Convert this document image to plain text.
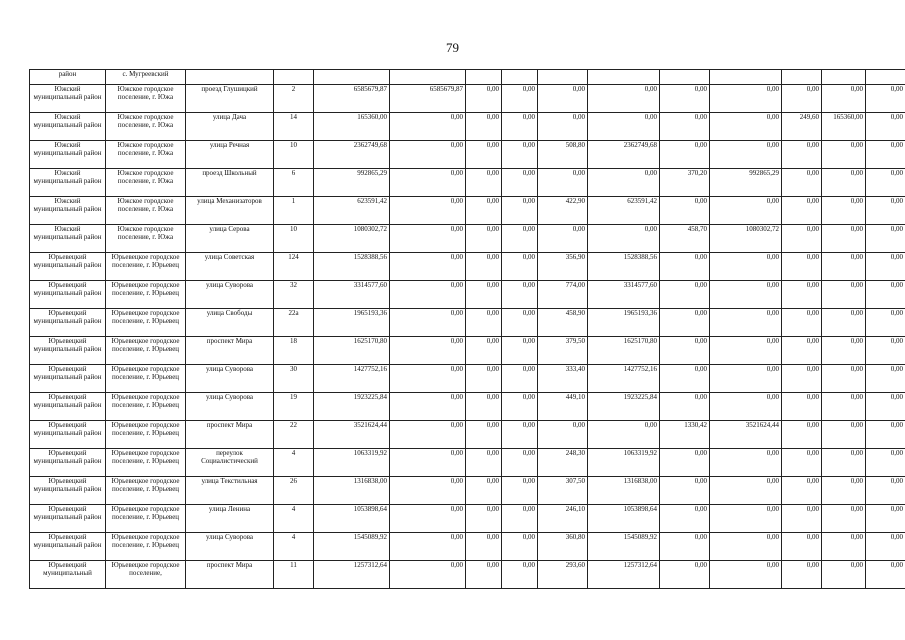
79
район	с. Мугреевский													
Южский муниципальный район	Южское городское поселение, г. Южа	проезд Глушицкий	2	6585679,87	6585679,87	0,00	0,00	0,00	0,00	0,00	0,00	0,00	0,00	0,00
Южский муниципальный район	Южское городское поселение, г. Южа	улица Дача	14	165360,00	0,00	0,00	0,00	0,00	0,00	0,00	0,00	249,60	165360,00	0,00
Южский муниципальный район	Южское городское поселение, г. Южа	улица Речная	10	2362749,68	0,00	0,00	0,00	508,80	2362749,68	0,00	0,00	0,00	0,00	0,00
Южский муниципальный район	Южское городское поселение, г. Южа	проезд Школьный	6	992865,29	0,00	0,00	0,00	0,00	0,00	370,20	992865,29	0,00	0,00	0,00
Южский муниципальный район	Южское городское поселение, г. Южа	улица Механизаторов	1	623591,42	0,00	0,00	0,00	422,90	623591,42	0,00	0,00	0,00	0,00	0,00
Южский муниципальный район	Южское городское поселение, г. Южа	улица Серова	10	1080302,72	0,00	0,00	0,00	0,00	0,00	458,70	1080302,72	0,00	0,00	0,00
Юрьевецкий муниципальный район	Юрьевецкое городское поселение, г. Юрьевец	улица Советская	124	1528388,56	0,00	0,00	0,00	356,90	1528388,56	0,00	0,00	0,00	0,00	0,00
Юрьевецкий муниципальный район	Юрьевецкое городское поселение, г. Юрьевец	улица Суворова	32	3314577,60	0,00	0,00	0,00	774,00	3314577,60	0,00	0,00	0,00	0,00	0,00
Юрьевецкий муниципальный район	Юрьевецкое городское поселение, г. Юрьевец	улица Свободы	22а	1965193,36	0,00	0,00	0,00	458,90	1965193,36	0,00	0,00	0,00	0,00	0,00
Юрьевецкий муниципальный район	Юрьевецкое городское поселение, г. Юрьевец	проспект Мира	18	1625170,80	0,00	0,00	0,00	379,50	1625170,80	0,00	0,00	0,00	0,00	0,00
Юрьевецкий муниципальный район	Юрьевецкое городское поселение, г. Юрьевец	улица Суворова	30	1427752,16	0,00	0,00	0,00	333,40	1427752,16	0,00	0,00	0,00	0,00	0,00
Юрьевецкий муниципальный район	Юрьевецкое городское поселение, г. Юрьевец	улица Суворова	19	1923225,84	0,00	0,00	0,00	449,10	1923225,84	0,00	0,00	0,00	0,00	0,00
Юрьевецкий муниципальный район	Юрьевецкое городское поселение, г. Юрьевец	проспект Мира	22	3521624,44	0,00	0,00	0,00	0,00	0,00	1330,42	3521624,44	0,00	0,00	0,00
Юрьевецкий муниципальный район	Юрьевецкое городское поселение, г. Юрьевец	переулок Социалистический	4	1063319,92	0,00	0,00	0,00	248,30	1063319,92	0,00	0,00	0,00	0,00	0,00
Юрьевецкий муниципальный район	Юрьевецкое городское поселение, г. Юрьевец	улица Текстильная	26	1316838,00	0,00	0,00	0,00	307,50	1316838,00	0,00	0,00	0,00	0,00	0,00
Юрьевецкий муниципальный район	Юрьевецкое городское поселение, г. Юрьевец	улица Ленина	4	1053898,64	0,00	0,00	0,00	246,10	1053898,64	0,00	0,00	0,00	0,00	0,00
Юрьевецкий муниципальный район	Юрьевецкое городское поселение, г. Юрьевец	улица Суворова	4	1545089,92	0,00	0,00	0,00	360,80	1545089,92	0,00	0,00	0,00	0,00	0,00
Юрьевецкий муниципальный	Юрьевецкое городское поселение,	проспект Мира	11	1257312,64	0,00	0,00	0,00	293,60	1257312,64	0,00	0,00	0,00	0,00	0,00
